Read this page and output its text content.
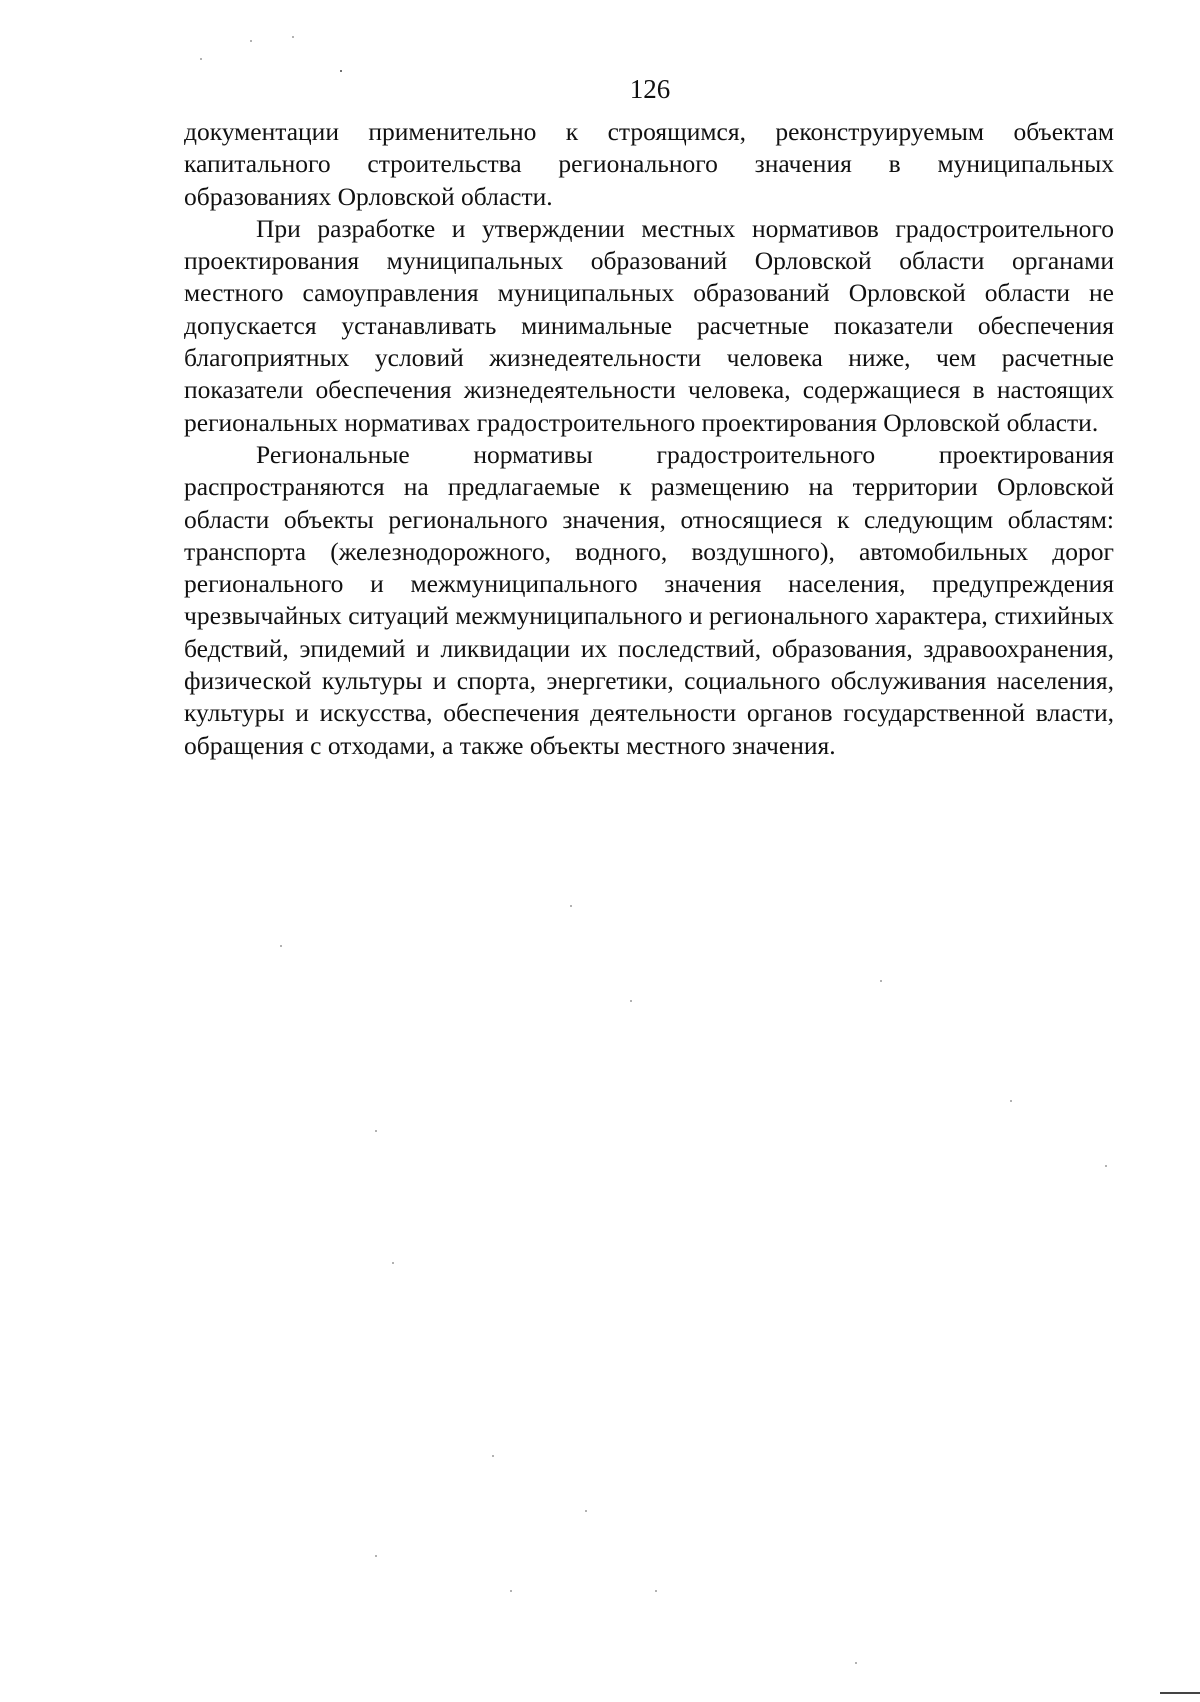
126

документации применительно к строящимся, реконструируемым объектам капитального строительства регионального значения в муниципальных образованиях Орловской области.

При разработке и утверждении местных нормативов градостроительного проектирования муниципальных образований Орловской области органами местного самоуправления муниципальных образований Орловской области не допускается устанавливать минимальные расчетные показатели обеспечения благоприятных условий жизнедеятельности человека ниже, чем расчетные показатели обеспечения жизнедеятельности человека, содержащиеся в настоящих региональных нормативах градостроительного проектирования Орловской области.

Региональные нормативы градостроительного проектирования распространяются на предлагаемые к размещению на территории Орловской области объекты регионального значения, относящиеся к следующим областям: транспорта (железнодорожного, водного, воздушного), автомобильных дорог регионального и межмуниципального значения населения, предупреждения чрезвычайных ситуаций межмуниципального и регионального характера, стихийных бедствий, эпидемий и ликвидации их последствий, образования, здравоохранения, физической культуры и спорта, энергетики, социального обслуживания населения, культуры и искусства, обеспечения деятельности органов государственной власти, обращения с отходами, а также объекты местного значения.
